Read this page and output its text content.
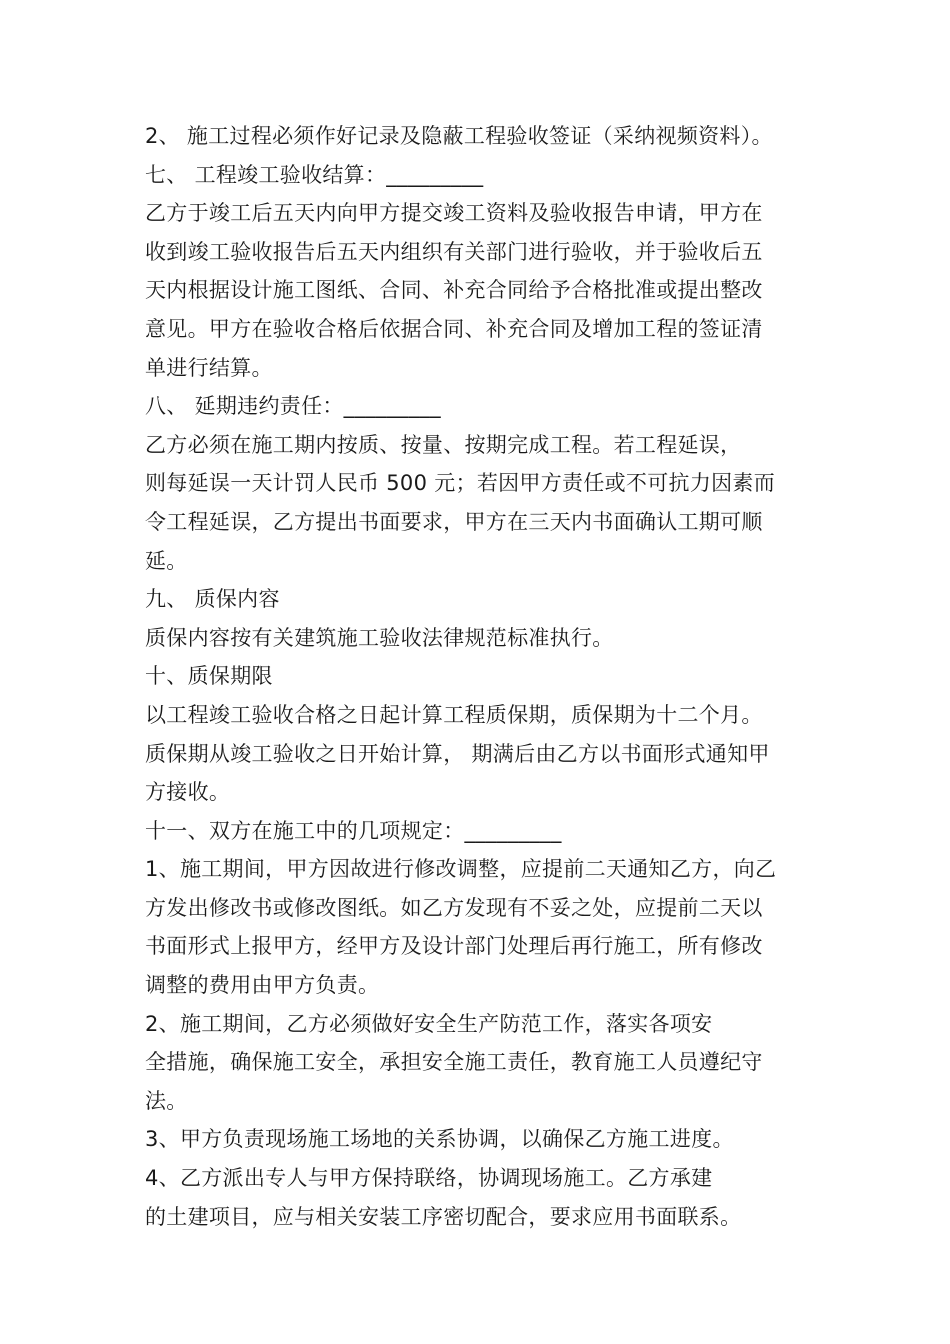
2、 施工过程必须作好记录及隐蔽工程验收签证（采纳视频资料）。
七、 工程竣工验收结算：_________
乙方于竣工后五天内向甲方提交竣工资料及验收报告申请，甲方在
收到竣工验收报告后五天内组织有关部门进行验收，并于验收后五
天内根据设计施工图纸、合同、补充合同给予合格批准或提出整改
意见。甲方在验收合格后依据合同、补充合同及增加工程的签证清
单进行结算。
八、 延期违约责任：_________
乙方必须在施工期内按质、按量、按期完成工程。若工程延误，
则每延误一天计罚人民币 500 元；若因甲方责任或不可抗力因素而
令工程延误，乙方提出书面要求，甲方在三天内书面确认工期可顺
延。
九、 质保内容
质保内容按有关建筑施工验收法律规范标准执行。
十、质保期限
以工程竣工验收合格之日起计算工程质保期，质保期为十二个月。
质保期从竣工验收之日开始计算， 期满后由乙方以书面形式通知甲
方接收。
十一、双方在施工中的几项规定：_________
1、施工期间，甲方因故进行修改调整，应提前二天通知乙方，向乙
方发出修改书或修改图纸。如乙方发现有不妥之处，应提前二天以
书面形式上报甲方，经甲方及设计部门处理后再行施工，所有修改
调整的费用由甲方负责。
2、施工期间，乙方必须做好安全生产防范工作，落实各项安
全措施，确保施工安全，承担安全施工责任，教育施工人员遵纪守
法。
3、甲方负责现场施工场地的关系协调，以确保乙方施工进度。
4、乙方派出专人与甲方保持联络，协调现场施工。乙方承建
的土建项目，应与相关安装工序密切配合，要求应用书面联系。
